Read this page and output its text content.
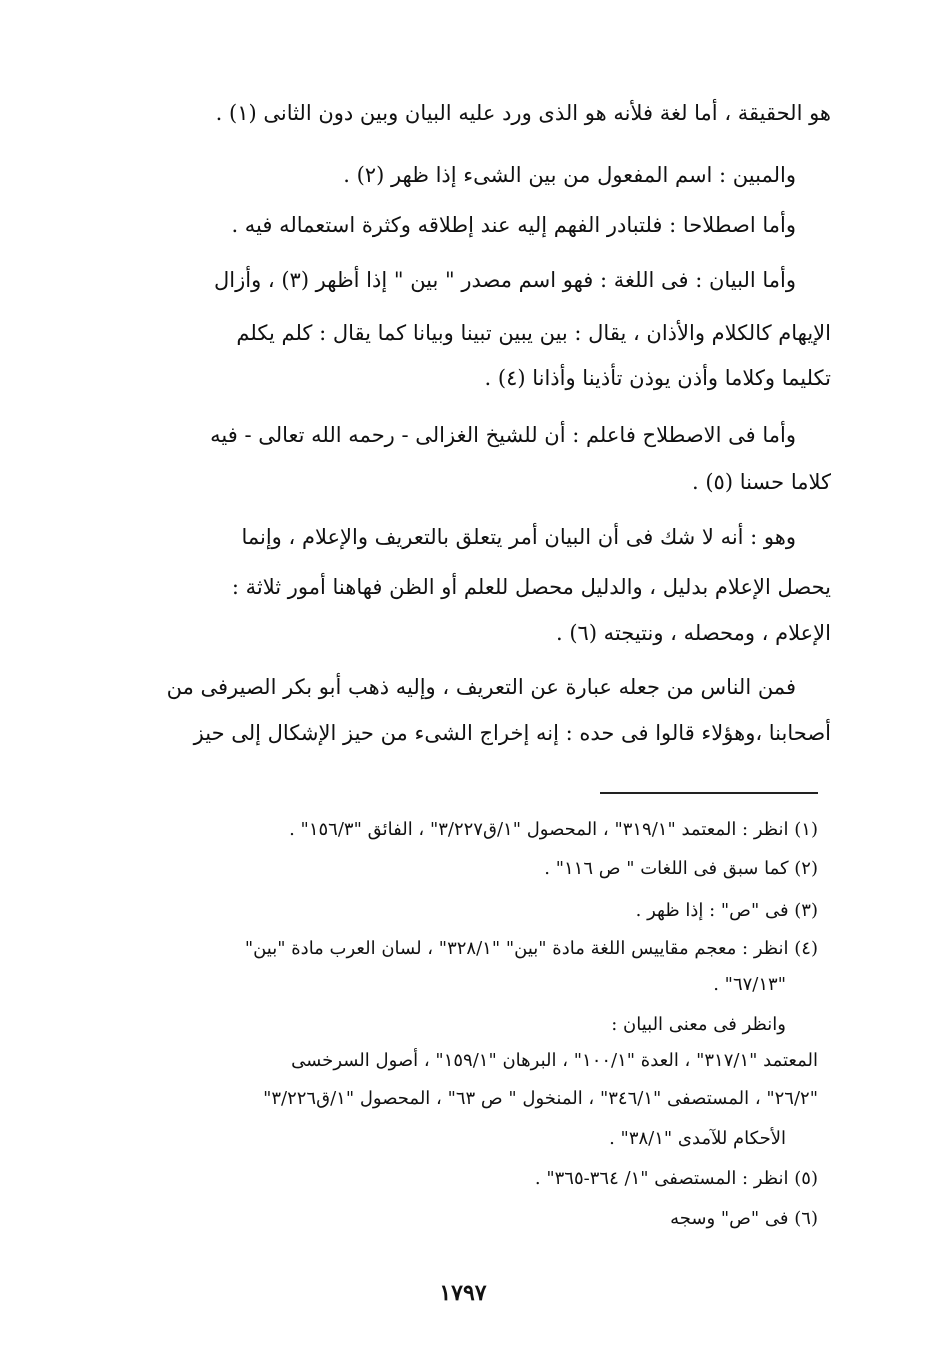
هو الحقيقة ، أما لغة فلأنه هو الذى ورد عليه البيان وبين دون الثانى (١) .
والمبين : اسم المفعول من بين الشىء إذا ظهر (٢) .
وأما اصطلاحا : فلتبادر الفهم إليه عند إطلاقه وكثرة استعماله فيه .
وأما البيان : فى اللغة : فهو اسم مصدر " بين " إذا أظهر (٣) ، وأزال
الإيهام كالكلام والأذان ، يقال : بين يبين تبينا وبيانا كما يقال : كلم يكلم
تكليما وكلاما وأذن يوذن تأذينا وأذانا (٤) .
وأما فى الاصطلاح فاعلم : أن للشيخ الغزالى - رحمه الله تعالى - فيه
كلاما حسنا (٥) .
وهو : أنه لا شك فى أن البيان أمر يتعلق بالتعريف والإعلام ، وإنما
يحصل الإعلام بدليل ، والدليل محصل للعلم أو الظن فهاهنا أمور ثلاثة :
الإعلام ، ومحصله ، ونتيجته (٦) .
فمن الناس من جعله عبارة عن التعريف ، وإليه ذهب أبو بكر الصيرفى من
أصحابنا ،وهؤلاء قالوا فى حده : إنه إخراج الشىء من حيز الإشكال إلى حيز
(١) انظر : المعتمد "٣١٩/١" ، المحصول "١/ق٣/٢٢٧" ، الفائق "١٥٦/٣" .
(٢) كما سبق فى اللغات " ص ١١٦" .
(٣) فى "ص" : إذا ظهر .
(٤) انظر : معجم مقاييس اللغة مادة "بين" "٣٢٨/١" ، لسان العرب مادة "بين"
"٦٧/١٣" .
وانظر فى معنى البيان :
المعتمد "٣١٧/١" ، العدة "١٠٠/١" ، البرهان "١٥٩/١" ، أصول السرخسى
"٢٦/٢" ، المستصفى "٣٤٦/١" ، المنخول " ص ٦٣" ، المحصول "١/ق٣/٢٢٦"
الأحكام للآمدى "٣٨/١" .
(٥) انظر : المستصفى "١/ ٣٦٤-٣٦٥" .
(٦) فى "ص" وسجه
١٧٩٧
